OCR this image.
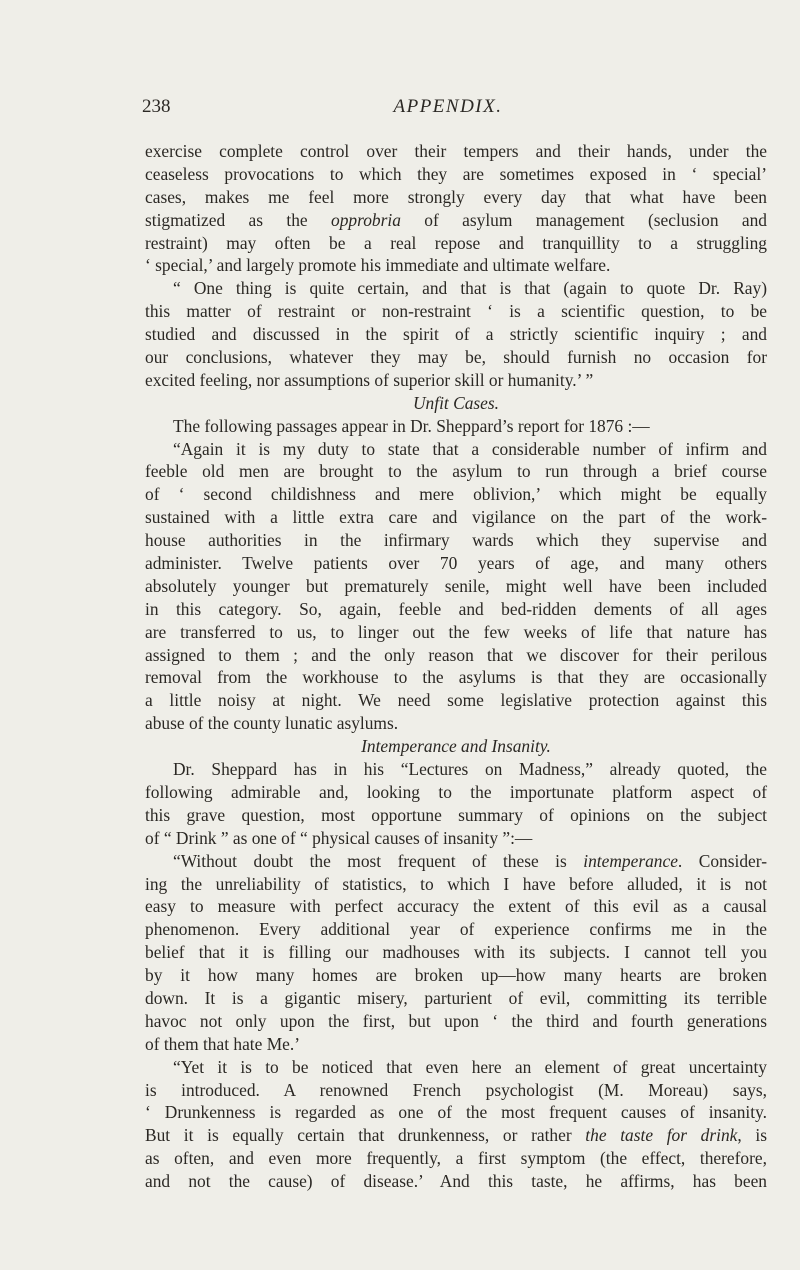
238	APPENDIX.
exercise complete control over their tempers and their hands, under the
ceaseless provocations to which they are sometimes exposed in ‘ special’
cases, makes me feel more strongly every day that what have been
stigmatized as the opprobria of asylum management (seclusion and
restraint) may often be a real repose and tranquillity to a struggling
‘ special,’ and largely promote his immediate and ultimate welfare.
“ One thing is quite certain, and that is that (again to quote Dr. Ray)
this matter of restraint or non-restraint ‘ is a scientific question, to be
studied and discussed in the spirit of a strictly scientific inquiry ; and
our conclusions, whatever they may be, should furnish no occasion for
excited feeling, nor assumptions of superior skill or humanity.’ ”
Unfit Cases.
The following passages appear in Dr. Sheppard’s report for 1876 :—
“Again it is my duty to state that a considerable number of infirm and
feeble old men are brought to the asylum to run through a brief course
of ‘ second childishness and mere oblivion,’ which might be equally
sustained with a little extra care and vigilance on the part of the work-
house authorities in the infirmary wards which they supervise and
administer. Twelve patients over 70 years of age, and many others
absolutely younger but prematurely senile, might well have been included
in this category. So, again, feeble and bed-ridden dements of all ages
are transferred to us, to linger out the few weeks of life that nature has
assigned to them ; and the only reason that we discover for their perilous
removal from the workhouse to the asylums is that they are occasionally
a little noisy at night. We need some legislative protection against this
abuse of the county lunatic asylums.
Intemperance and Insanity.
Dr. Sheppard has in his “Lectures on Madness,” already quoted, the
following admirable and, looking to the importunate platform aspect of
this grave question, most opportune summary of opinions on the subject
of “ Drink ” as one of “ physical causes of insanity ”:—
“Without doubt the most frequent of these is intemperance. Consider-
ing the unreliability of statistics, to which I have before alluded, it is not
easy to measure with perfect accuracy the extent of this evil as a causal
phenomenon. Every additional year of experience confirms me in the
belief that it is filling our madhouses with its subjects. I cannot tell you
by it how many homes are broken up—how many hearts are broken
down. It is a gigantic misery, parturient of evil, committing its terrible
havoc not only upon the first, but upon ‘ the third and fourth generations
of them that hate Me.’
“Yet it is to be noticed that even here an element of great uncertainty
is introduced. A renowned French psychologist (M. Moreau) says,
‘ Drunkenness is regarded as one of the most frequent causes of insanity.
But it is equally certain that drunkenness, or rather the taste for drink, is
as often, and even more frequently, a first symptom (the effect, therefore,
and not the cause) of disease.’ And this taste, he affirms, has been
